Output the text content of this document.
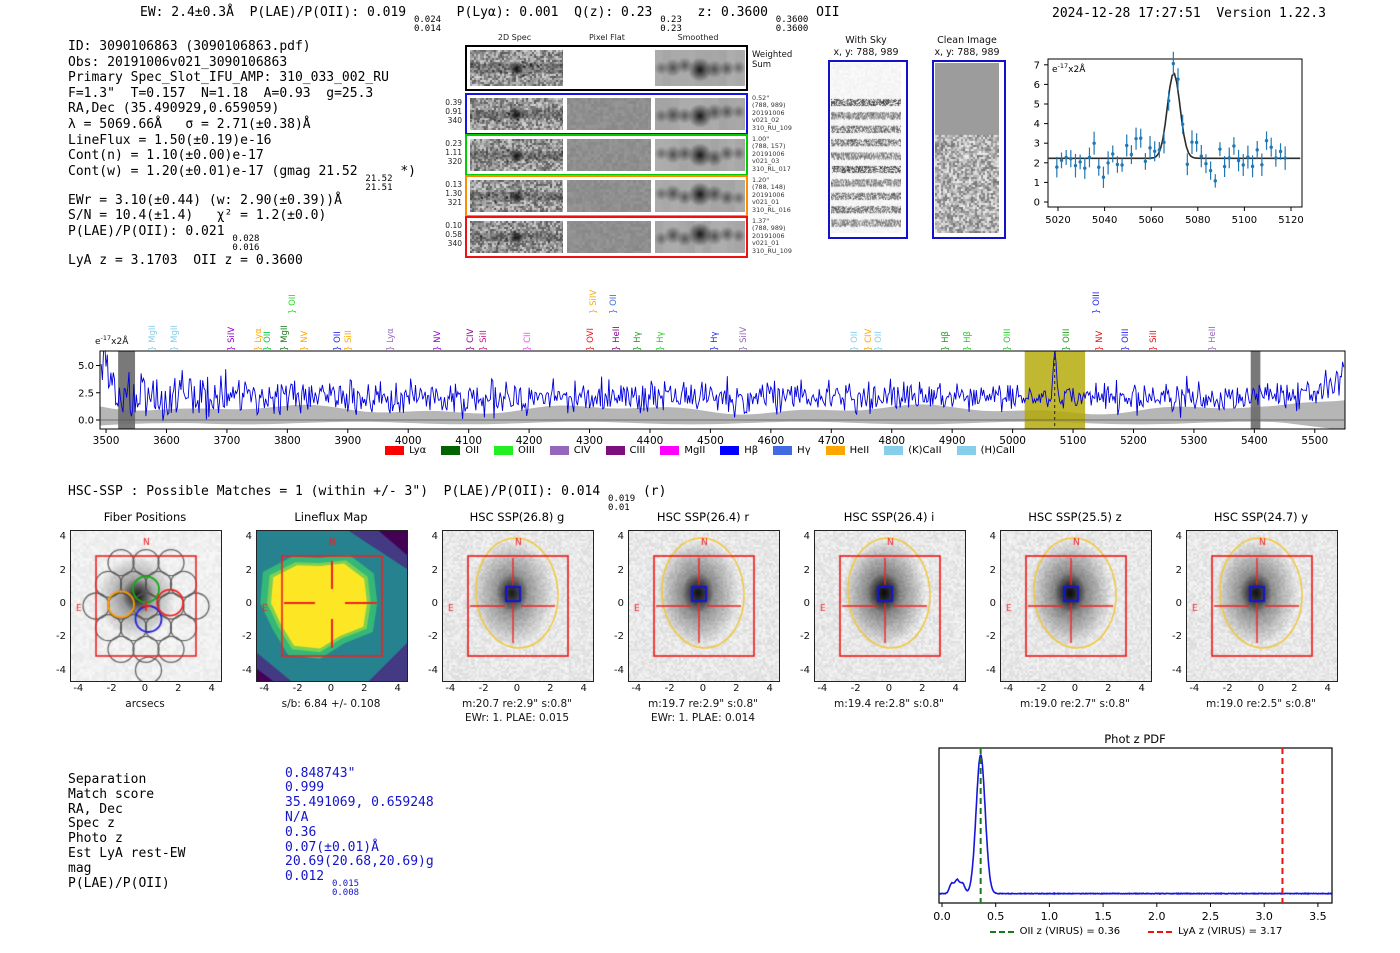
EW: 2.4±0.3Å  P(LAE)/P(OII): 0.019 0.024
0.014
P(Lyα): 0.001  Q(z): 0.23 0.23
0.23
z: 0.3600 0.3600
0.3600
OII	2024-12-28 17:27:51  Version 1.22.3
ID: 3090106863 (3090106863.pdf)
Obs: 20191006v021_3090106863
Primary Spec_Slot_IFU_AMP: 310_033_002_RU
F=1.3"  T=0.157  N=1.18  A=0.93  g=25.3
RA,Dec (35.490929,0.659059)
λ = 5069.66Å   σ = 2.71(±0.38)Å
LineFlux = 1.50(±0.19)e-16
Cont(n) = 1.10(±0.00)e-17
Cont(w) = 1.20(±0.01)e-17 (gmag 21.52 21.52
21.51
*)
EWr = 3.10(±0.44) (w: 2.90(±0.39))Å
S/N = 10.4(±1.4)   χ² = 1.2(±0.0)
P(LAE)/P(OII): 0.021 0.028
0.016
LyA z = 3.1703  OII z = 0.3600
HSC-SSP : Possible Matches = 1 (within +/- 3")  P(LAE)/P(OII): 0.014 0.019
0.01
(r)
Lyα	OII	OIII	CIV	CIII	MgII	Hβ	Hγ	HeII	(K)CaII	(H)CaII
OII z (VIRUS) = 0.36	LyA z (VIRUS) = 3.17
Separation	0.848743"
Match score	0.999
RA, Dec	35.491069, 0.659248
Spec z	N/A
Photo z	0.36
Est LyA rest-EW	0.07(±0.01)Å
mag	20.69(20.68,20.69)g
P(LAE)/P(OII)	0.012 0.015
0.008
2D Spec	Pixel Flat	Smoothed
Weighted
Sum
0.39
0.91
340
0.52"
(788, 989)
20191006
v021_02
310_RU_109
0.23
1.11
320
1.00"
(788, 157)
20191006
v021_03
310_RL_017
0.13
1.30
321
1.20"
(788, 148)
20191006
v021_01
310_RL_016
0.10
0.58
340
1.37"
(788, 989)
20191006
v021_01
310_RU_109
With Sky
x, y: 788, 989
Clean Image
x, y: 788, 989
5020 5040 5060 5080 5100 5120
0
1
2
3
4
5
6
7 $e^{-17}x2Å$
3500	3600	3700	3800	3900	4000	4100	4200	4300	4400	4500	4600	4700	4800	4900	5000	5100	5200	5300	5400	5500
0.0
2.5
5.0
$e^{-17}x2Å$ } MgII } MgII	} SiIV } Lyα
} OII } MgII
} OII
} NV	} OII } SiII	} Lyα	} NV	} CIV } SiII	} CII	} OVI
} SiIV } OII
} HeII } Hγ } Hγ	} Hγ } SiIV	} OII } CIV } OII	} Hβ } Hβ	} OIII	} OIII
} OIII
} NV } OIII } SiII	} HeII
Fiber Positions
4
2
0
-2
-4
-4	-2	0	2	4
arcsecs
Lineflux Map
4
2
0
-2
-4
-4	-2	0	2	4
s/b: 6.84 +/- 0.108
HSC SSP(26.8) g
4
2
0
-2
-4
-4	-2	0	2	4
m:20.7 re:2.9" s:0.8"
EWr: 1. PLAE: 0.015
HSC SSP(26.4) r
4
2
0
-2
-4
-4	-2	0	2	4
m:19.7 re:2.9" s:0.8"
EWr: 1. PLAE: 0.014
HSC SSP(26.4) i
4
2
0
-2
-4
-4	-2	0	2	4
m:19.4 re:2.8" s:0.8"
HSC SSP(25.5) z
4
2
0
-2
-4
-4	-2	0	2	4
m:19.0 re:2.7" s:0.8"
HSC SSP(24.7) y
4
2
0
-2
-4
-4	-2	0	2	4
m:19.0 re:2.5" s:0.8"
Phot z PDF
0.0	0.5	1.0	1.5	2.0	2.5	3.0	3.5
